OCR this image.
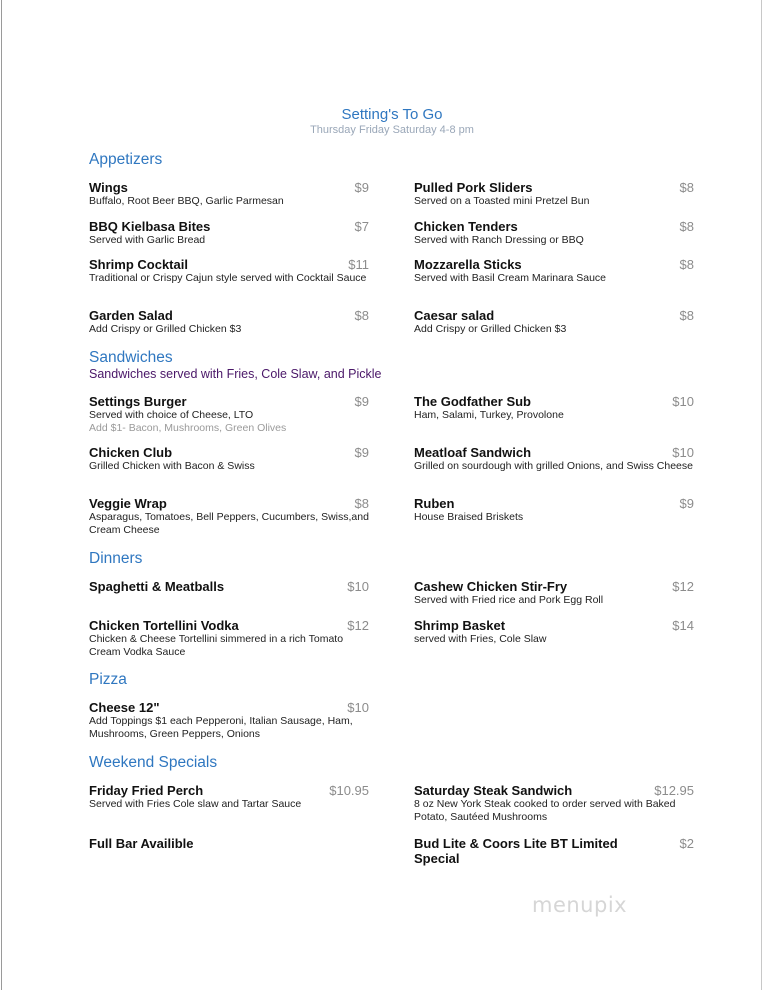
Setting's To Go
Thursday Friday Saturday 4-8 pm
Appetizers
Wings
Buffalo, Root Beer BBQ, Garlic Parmesan
$9	Pulled Pork Sliders
Served on a Toasted mini Pretzel Bun
$8
BBQ Kielbasa Bites
Served with Garlic Bread
$7	Chicken Tenders
Served with Ranch Dressing or BBQ
$8
Shrimp Cocktail
Traditional or Crispy Cajun style served with Cocktail Sauce
$11	Mozzarella Sticks
Served with Basil Cream Marinara Sauce
$8
Garden Salad
Add Crispy or Grilled Chicken $3
$8	Caesar salad
Add Crispy or Grilled Chicken $3
$8
Sandwiches
Sandwiches served with Fries, Cole Slaw, and Pickle
Settings Burger
Served with choice of Cheese, LTO
Add $1- Bacon, Mushrooms, Green Olives
$9	The Godfather Sub
Ham, Salami, Turkey, Provolone
$10
Chicken Club
Grilled Chicken with Bacon & Swiss
$9	Meatloaf Sandwich
Grilled on sourdough with grilled Onions, and Swiss Cheese
$10
Veggie Wrap
Asparagus, Tomatoes, Bell Peppers, Cucumbers, Swiss,and Cream Cheese
$8	Ruben
House Braised Briskets
$9
Dinners
Spaghetti & Meatballs	$10	Cashew Chicken Stir-Fry
Served with Fried rice and Pork Egg Roll
$12
Chicken Tortellini Vodka
Chicken & Cheese Tortellini simmered in a rich Tomato Cream Vodka Sauce
$12	Shrimp Basket
served with Fries, Cole Slaw
$14
Pizza
Cheese 12"
Add Toppings $1 each Pepperoni, Italian Sausage, Ham, Mushrooms, Green Peppers, Onions
$10
Weekend Specials
Friday Fried Perch
Served with Fries Cole slaw and Tartar Sauce
$10.95	Saturday Steak Sandwich
8 oz New York Steak cooked to order served with Baked Potato, Sautéed Mushrooms
$12.95
Full Bar Availible	Bud Lite & Coors Lite BT Limited Special
$2
menupix
